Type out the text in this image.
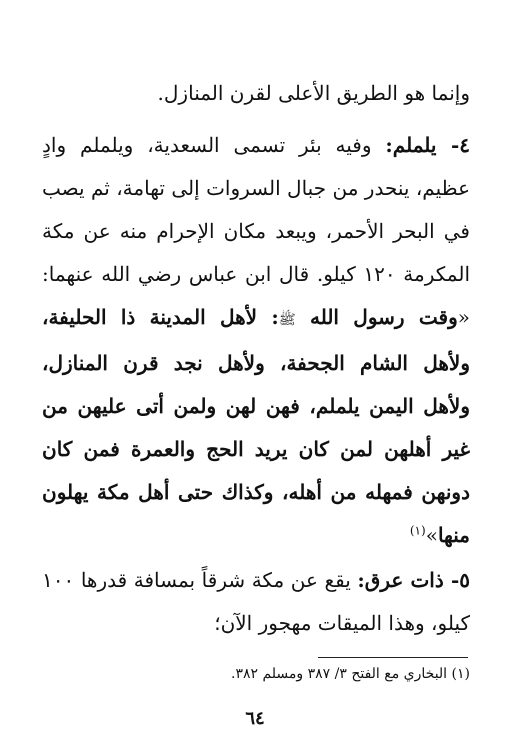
وإنما هو الطريق الأعلى لقرن المنازل.

٤- يلملم: وفيه بئر تسمى السعدية، ويلملم وادٍ عظيم، ينحدر من جبال السروات إلى تهامة، ثم يصب في البحر الأحمر، ويبعد مكان الإحرام منه عن مكة المكرمة ١٢٠ كيلو. قال ابن عباس رضي الله عنهما: «وقت رسول الله ﷺ: لأهل المدينة ذا الحليفة، ولأهل الشام الجحفة، ولأهل نجد قرن المنازل، ولأهل اليمن يلملم، فهن لهن ولمن أتى عليهن من غير أهلهن لمن كان يريد الحج والعمرة فمن كان دونهن فمهله من أهله، وكذاك حتى أهل مكة يهلون منها»$^{(١)}$

٥- ذات عرق: يقع عن مكة شرقاً بمسافة قدرها ١٠٠ كيلو، وهذا الميقات مهجور الآن؛

(١) البخاري مع الفتح ٣/ ٣٨٧ ومسلم ٣٨٢.
٦٤
